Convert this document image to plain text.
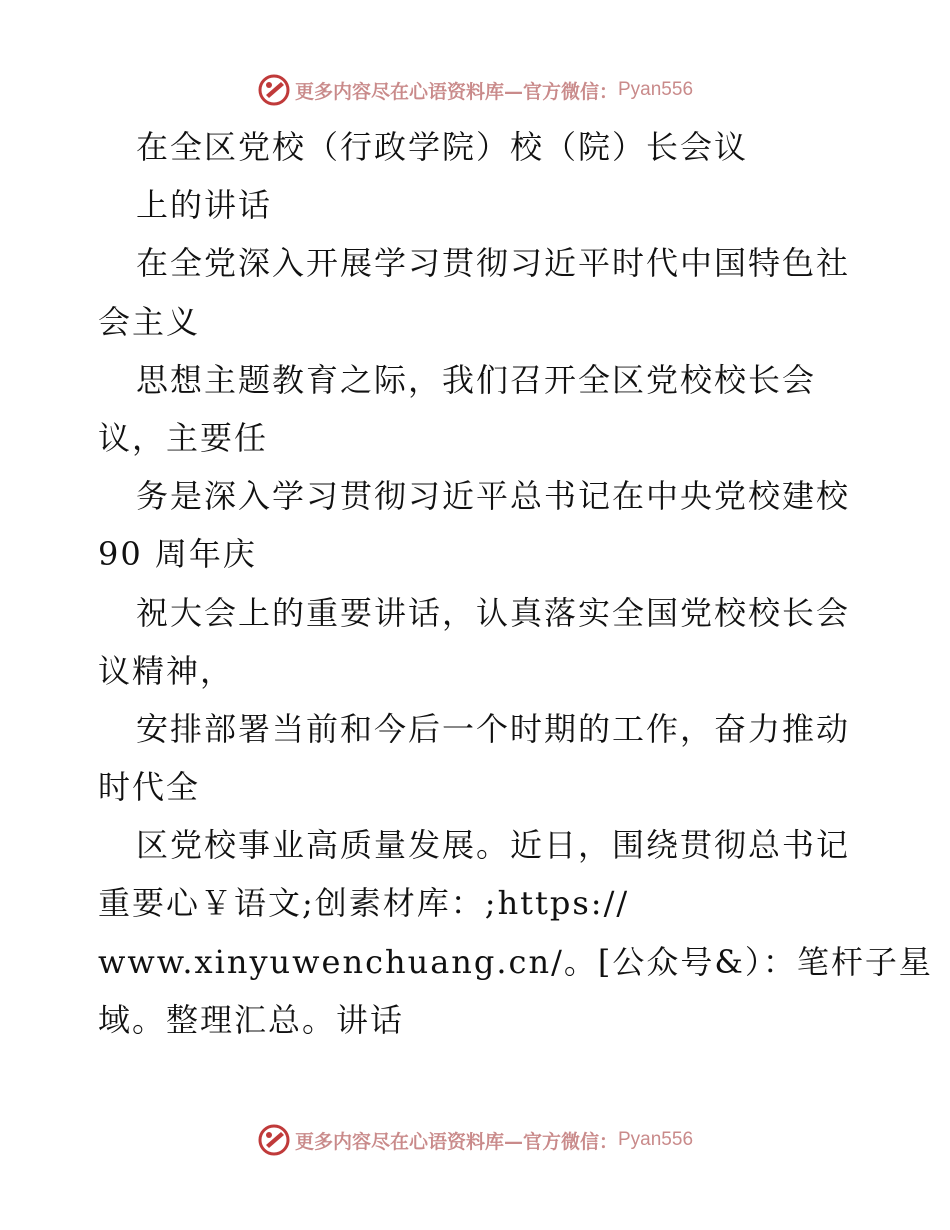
更多内容尽在心语资料库—官方微信： Pyan556
在全区党校（行政学院）校（院）长会议
上的讲话
在全党深入开展学习贯彻习近平时代中国特色社
会主义
思想主题教育之际，我们召开全区党校校长会
议，主要任
务是深入学习贯彻习近平总书记在中央党校建校
90 周年庆
祝大会上的重要讲话，认真落实全国党校校长会
议精神，
安排部署当前和今后一个时期的工作，奋力推动
时代全
区党校事业高质量发展。近日，围绕贯彻总书记
重要心￥语文;创素材库：;https://
www.xinyuwenchuang.cn/。[公众号&）：笔杆子星
域。整理汇总。讲话
更多内容尽在心语资料库—官方微信： Pyan556
